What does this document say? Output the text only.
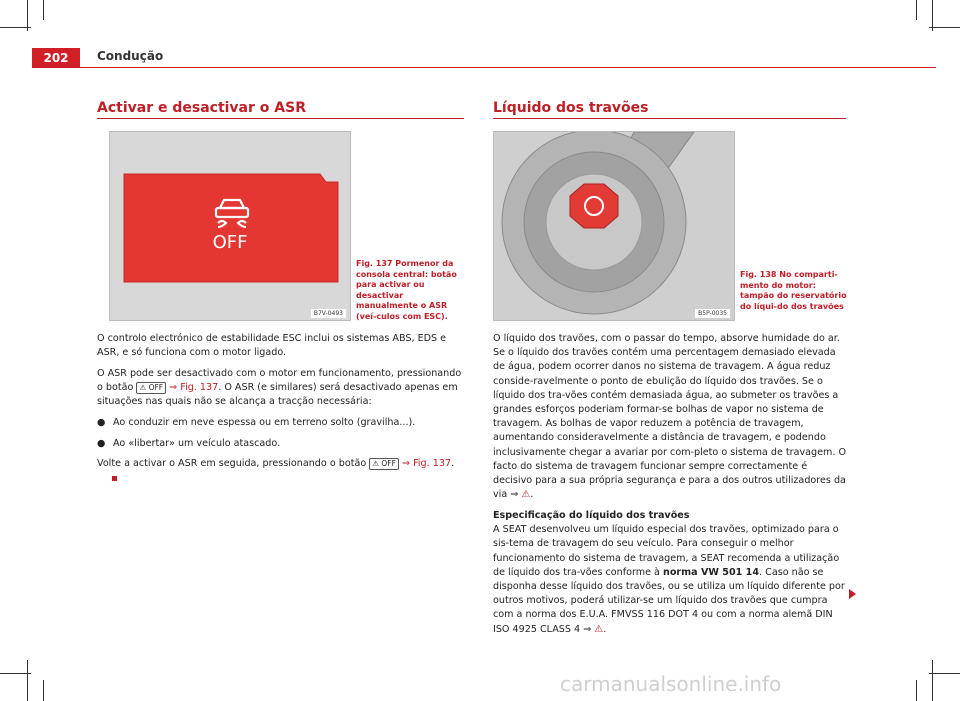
202	Condução
Activar e desactivar o ASR
OFF
B7V-0493
Fig. 137 Pormenor da consola central: botão para activar ou desactivar manualmente o ASR (veí-culos com ESC).

O controlo electrónico de estabilidade ESC inclui os sistemas ABS, EDS e ASR, e só funciona com o motor ligado.

O ASR pode ser desactivado com o motor em funcionamento, pressionando o botão ⚠︎ OFF ⇒ Fig. 137. O ASR (e similares) será desactivado apenas em situações nas quais não se alcança a tracção necessária:

● Ao conduzir em neve espessa ou em terreno solto (gravilha...).

● Ao «libertar» um veículo atascado.

Volte a activar o ASR em seguida, pressionando o botão ⚠︎ OFF ⇒ Fig. 137.

Líquido dos travões
B5P-0035
Fig. 138 No comparti-mento do motor: tampão do reservatório do líqui-do dos travões

O líquido dos travões, com o passar do tempo, absorve humidade do ar. Se o líquido dos travões contém uma percentagem demasiado elevada de água, podem ocorrer danos no sistema de travagem. A água reduz conside-ravelmente o ponto de ebulição do líquido dos travões. Se o líquido dos tra-vões contém demasiada água, ao submeter os travões a grandes esforços poderiam formar-se bolhas de vapor no sistema de travagem. As bolhas de vapor reduzem a potência de travagem, aumentando consideravelmente a distância de travagem, e podendo inclusivamente chegar a avariar por com-pleto o sistema de travagem. O facto do sistema de travagem funcionar sempre correctamente é decisivo para a sua própria segurança e para a dos outros utilizadores da via ⇒ ⚠.

Especificação do líquido dos travões

A SEAT desenvolveu um líquido especial dos travões, optimizado para o sis-tema de travagem do seu veículo. Para conseguir o melhor funcionamento do sistema de travagem, a SEAT recomenda a utilização de líquido dos tra-vões conforme à norma VW 501 14. Caso não se disponha desse líquido dos travões, ou se utiliza um líquido diferente por outros motivos, poderá utilizar-se um líquido dos travões que cumpra com a norma dos E.U.A. FMVSS 116 DOT 4 ou com a norma alemã DIN ISO 4925 CLASS 4 ⇒ ⚠.

carmanualsonline.info
